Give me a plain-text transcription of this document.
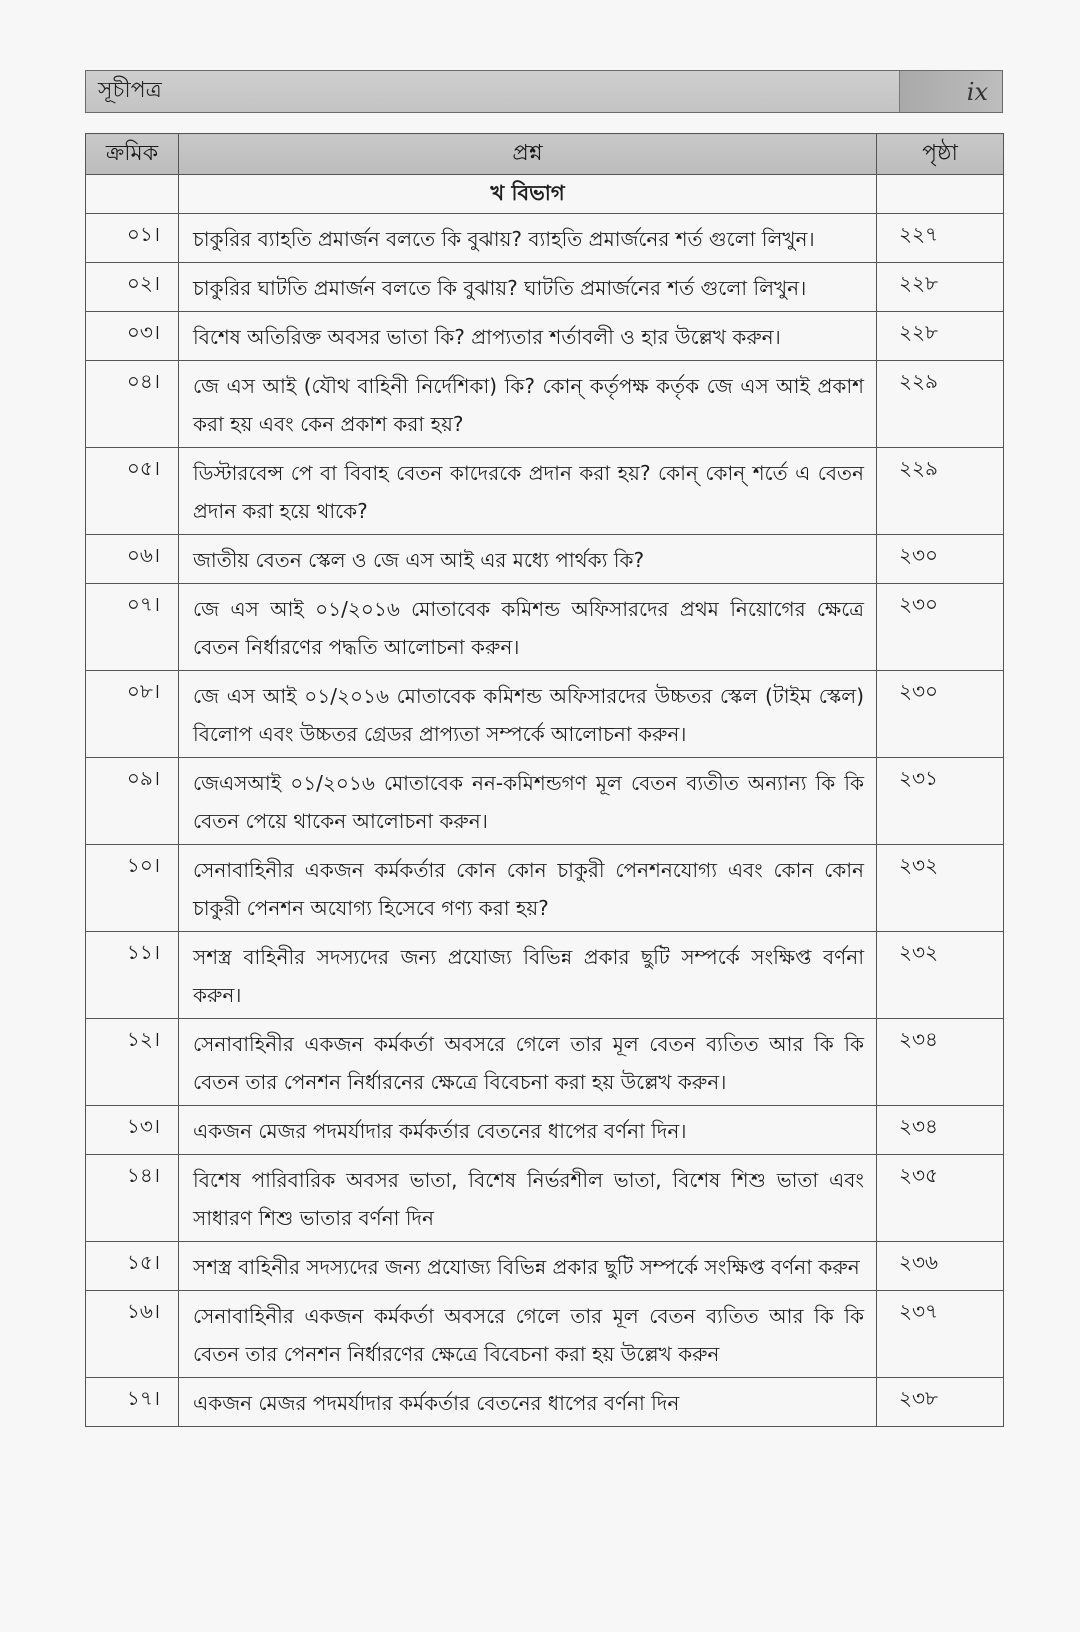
সূচীপত্র	ix
ক্রমিক	প্রশ্ন	পৃষ্ঠা
	খ বিভাগ	
০১।	চাকুরির ব্যাহতি প্রমার্জন বলতে কি বুঝায়? ব্যাহতি প্রমার্জনের শর্ত গুলো লিখুন।	২২৭
০২।	চাকুরির ঘাটতি প্রমার্জন বলতে কি বুঝায়? ঘাটতি প্রমার্জনের শর্ত গুলো লিখুন।	২২৮
০৩।	বিশেষ অতিরিক্ত অবসর ভাতা কি? প্রাপ্যতার শর্তাবলী ও হার উল্লেখ করুন।	২২৮
০৪।	জে এস আই (যৌথ বাহিনী নির্দেশিকা) কি? কোন্ কর্তৃপক্ষ কর্তৃক জে এস আই প্রকাশ করা হয় এবং কেন প্রকাশ করা হয়?	২২৯
০৫।	ডিস্টারবেন্স পে বা বিবাহ বেতন কাদেরকে প্রদান করা হয়? কোন্ কোন্ শর্তে এ বেতন প্রদান করা হয়ে থাকে?	২২৯
০৬।	জাতীয় বেতন স্কেল ও জে এস আই এর মধ্যে পার্থক্য কি?	২৩০
০৭।	জে এস আই ০১/২০১৬ মোতাবেক কমিশন্ড অফিসারদের প্রথম নিয়োগের ক্ষেত্রে বেতন নির্ধারণের পদ্ধতি আলোচনা করুন।	২৩০
০৮।	জে এস আই ০১/২০১৬ মোতাবেক কমিশন্ড অফিসারদের উচ্চতর স্কেল (টাইম স্কেল) বিলোপ এবং উচ্চতর গ্রেডর প্রাপ্যতা সম্পর্কে আলোচনা করুন।	২৩০
০৯।	জেএসআই ০১/২০১৬ মোতাবেক নন-কমিশন্ডগণ মূল বেতন ব্যতীত অন্যান্য কি কি বেতন পেয়ে থাকেন আলোচনা করুন।	২৩১
১০।	সেনাবাহিনীর একজন কর্মকর্তার কোন কোন চাকুরী পেনশনযোগ্য এবং কোন কোন চাকুরী পেনশন অযোগ্য হিসেবে গণ্য করা হয়?	২৩২
১১।	সশস্ত্র বাহিনীর সদস্যদের জন্য প্রযোজ্য বিভিন্ন প্রকার ছুটি সম্পর্কে সংক্ষিপ্ত বর্ণনা করুন।	২৩২
১২।	সেনাবাহিনীর একজন কর্মকর্তা অবসরে গেলে তার মূল বেতন ব্যতিত আর কি কি বেতন তার পেনশন নির্ধারনের ক্ষেত্রে বিবেচনা করা হয় উল্লেখ করুন।	২৩৪
১৩।	একজন মেজর পদমর্যাদার কর্মকর্তার বেতনের ধাপের বর্ণনা দিন।	২৩৪
১৪।	বিশেষ পারিবারিক অবসর ভাতা, বিশেষ নির্ভরশীল ভাতা, বিশেষ শিশু ভাতা এবং সাধারণ শিশু ভাতার বর্ণনা দিন	২৩৫
১৫।	সশস্ত্র বাহিনীর সদস্যদের জন্য প্রযোজ্য বিভিন্ন প্রকার ছুটি সম্পর্কে সংক্ষিপ্ত বর্ণনা করুন	২৩৬
১৬।	সেনাবাহিনীর একজন কর্মকর্তা অবসরে গেলে তার মূল বেতন ব্যতিত আর কি কি বেতন তার পেনশন নির্ধারণের ক্ষেত্রে বিবেচনা করা হয় উল্লেখ করুন	২৩৭
১৭।	একজন মেজর পদমর্যাদার কর্মকর্তার বেতনের ধাপের বর্ণনা দিন	২৩৮
